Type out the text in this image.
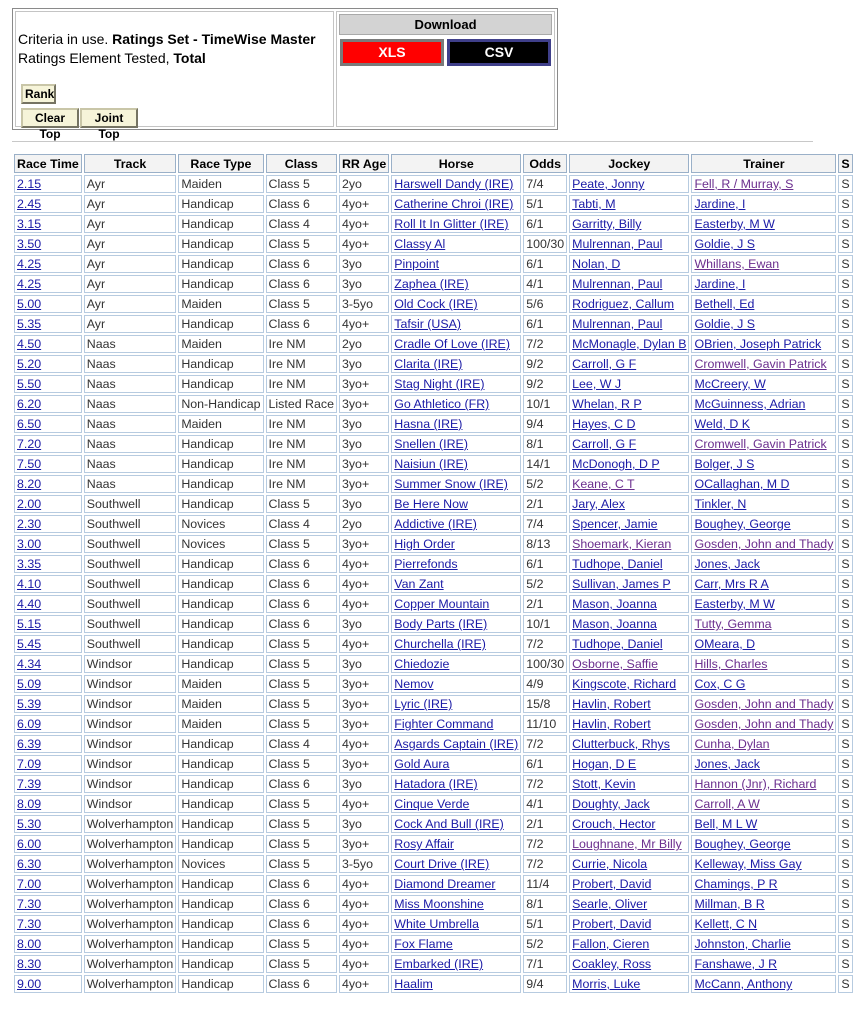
Criteria in use. Ratings Set - TimeWise Master
Ratings Element Tested, Total
Rank
Clear Top
Joint Top
Download
XLS	CSV
Race Time	Track	Race Type	Class	RR Age	Horse	Odds	Jockey	Trainer	S
2.15	Ayr	Maiden	Class 5	2yo	Harswell Dandy (IRE)	7/4	Peate, Jonny	Fell, R / Murray, S	S
2.45	Ayr	Handicap	Class 6	4yo+	Catherine Chroi (IRE)	5/1	Tabti, M	Jardine, I	S
3.15	Ayr	Handicap	Class 4	4yo+	Roll It In Glitter (IRE)	6/1	Garritty, Billy	Easterby, M W	S
3.50	Ayr	Handicap	Class 5	4yo+	Classy Al	100/30	Mulrennan, Paul	Goldie, J S	S
4.25	Ayr	Handicap	Class 6	3yo	Pinpoint	6/1	Nolan, D	Whillans, Ewan	S
4.25	Ayr	Handicap	Class 6	3yo	Zaphea (IRE)	4/1	Mulrennan, Paul	Jardine, I	S
5.00	Ayr	Maiden	Class 5	3-5yo	Old Cock (IRE)	5/6	Rodriguez, Callum	Bethell, Ed	S
5.35	Ayr	Handicap	Class 6	4yo+	Tafsir (USA)	6/1	Mulrennan, Paul	Goldie, J S	S
4.50	Naas	Maiden	Ire NM	2yo	Cradle Of Love (IRE)	7/2	McMonagle, Dylan B	OBrien, Joseph Patrick	S
5.20	Naas	Handicap	Ire NM	3yo	Clarita (IRE)	9/2	Carroll, G F	Cromwell, Gavin Patrick	S
5.50	Naas	Handicap	Ire NM	3yo+	Stag Night (IRE)	9/2	Lee, W J	McCreery, W	S
6.20	Naas	Non-Handicap	Listed Race	3yo+	Go Athletico (FR)	10/1	Whelan, R P	McGuinness, Adrian	S
6.50	Naas	Maiden	Ire NM	3yo	Hasna (IRE)	9/4	Hayes, C D	Weld, D K	S
7.20	Naas	Handicap	Ire NM	3yo	Snellen (IRE)	8/1	Carroll, G F	Cromwell, Gavin Patrick	S
7.50	Naas	Handicap	Ire NM	3yo+	Naisiun (IRE)	14/1	McDonogh, D P	Bolger, J S	S
8.20	Naas	Handicap	Ire NM	3yo+	Summer Snow (IRE)	5/2	Keane, C T	OCallaghan, M D	S
2.00	Southwell	Handicap	Class 5	3yo	Be Here Now	2/1	Jary, Alex	Tinkler, N	S
2.30	Southwell	Novices	Class 4	2yo	Addictive (IRE)	7/4	Spencer, Jamie	Boughey, George	S
3.00	Southwell	Novices	Class 5	3yo+	High Order	8/13	Shoemark, Kieran	Gosden, John and Thady	S
3.35	Southwell	Handicap	Class 6	4yo+	Pierrefonds	6/1	Tudhope, Daniel	Jones, Jack	S
4.10	Southwell	Handicap	Class 6	4yo+	Van Zant	5/2	Sullivan, James P	Carr, Mrs R A	S
4.40	Southwell	Handicap	Class 6	4yo+	Copper Mountain	2/1	Mason, Joanna	Easterby, M W	S
5.15	Southwell	Handicap	Class 6	3yo	Body Parts (IRE)	10/1	Mason, Joanna	Tutty, Gemma	S
5.45	Southwell	Handicap	Class 5	4yo+	Churchella (IRE)	7/2	Tudhope, Daniel	OMeara, D	S
4.34	Windsor	Handicap	Class 5	3yo	Chiedozie	100/30	Osborne, Saffie	Hills, Charles	S
5.09	Windsor	Maiden	Class 5	3yo+	Nemov	4/9	Kingscote, Richard	Cox, C G	S
5.39	Windsor	Maiden	Class 5	3yo+	Lyric (IRE)	15/8	Havlin, Robert	Gosden, John and Thady	S
6.09	Windsor	Maiden	Class 5	3yo+	Fighter Command	11/10	Havlin, Robert	Gosden, John and Thady	S
6.39	Windsor	Handicap	Class 4	4yo+	Asgards Captain (IRE)	7/2	Clutterbuck, Rhys	Cunha, Dylan	S
7.09	Windsor	Handicap	Class 5	3yo+	Gold Aura	6/1	Hogan, D E	Jones, Jack	S
7.39	Windsor	Handicap	Class 6	3yo	Hatadora (IRE)	7/2	Stott, Kevin	Hannon (Jnr), Richard	S
8.09	Windsor	Handicap	Class 5	4yo+	Cinque Verde	4/1	Doughty, Jack	Carroll, A W	S
5.30	Wolverhampton	Handicap	Class 5	3yo	Cock And Bull (IRE)	2/1	Crouch, Hector	Bell, M L W	S
6.00	Wolverhampton	Handicap	Class 5	3yo+	Rosy Affair	7/2	Loughnane, Mr Billy	Boughey, George	S
6.30	Wolverhampton	Novices	Class 5	3-5yo	Court Drive (IRE)	7/2	Currie, Nicola	Kelleway, Miss Gay	S
7.00	Wolverhampton	Handicap	Class 6	4yo+	Diamond Dreamer	11/4	Probert, David	Chamings, P R	S
7.30	Wolverhampton	Handicap	Class 6	4yo+	Miss Moonshine	8/1	Searle, Oliver	Millman, B R	S
7.30	Wolverhampton	Handicap	Class 6	4yo+	White Umbrella	5/1	Probert, David	Kellett, C N	S
8.00	Wolverhampton	Handicap	Class 5	4yo+	Fox Flame	5/2	Fallon, Cieren	Johnston, Charlie	S
8.30	Wolverhampton	Handicap	Class 5	4yo+	Embarked (IRE)	7/1	Coakley, Ross	Fanshawe, J R	S
9.00	Wolverhampton	Handicap	Class 6	4yo+	Haalim	9/4	Morris, Luke	McCann, Anthony	S
